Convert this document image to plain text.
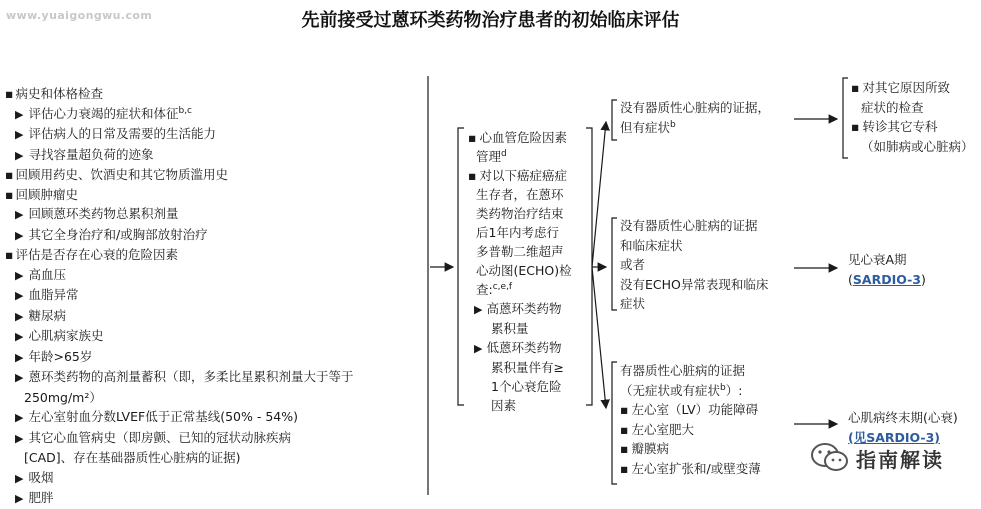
www.yuaigongwu.com	先前接受过蒽环类药物治疗患者的初始临床评估
▪ 病史和体格检查
▶ 评估心力衰竭的症状和体征$^{b,c}$
▶ 评估病人的日常及需要的生活能力
▶ 寻找容量超负荷的迹象
▪ 回顾用药史、饮酒史和其它物质滥用史
▪ 回顾肿瘤史
▶ 回顾蒽环类药物总累积剂量
▶ 其它全身治疗和/或胸部放射治疗
▪ 评估是否存在心衰的危险因素
▶ 高血压
▶ 血脂异常
▶ 糖尿病
▶ 心肌病家族史
▶ 年龄>65岁
▶ 蒽环类药物的高剂量蓄积（即，多柔比星累积剂量大于等于
250mg/m²）
▶ 左心室射血分数LVEF低于正常基线(50% - 54%)
▶ 其它心血管病史（即房颤、已知的冠状动脉疾病
[CAD]、存在基础器质性心脏病的证据)
▶ 吸烟
▶ 肥胖
▪ 心血管危险因素
管理$^d$
▪ 对以下癌症癌症
生存者，在蒽环
类药物治疗结束
后1年内考虑行
多普勒二维超声
心动图(ECHO)检
查:$^{c,e,f}$
▶ 高蒽环类药物
累积量
▶ 低蒽环类药物
累积量伴有≥
1个心衰危险
因素
没有器质性心脏病的证据，
但有症状$^b$
没有器质性心脏病的证据
和临床症状
或者
没有ECHO异常表现和临床
症状
有器质性心脏病的证据
（无症状或有症状$^b$）:
▪ 左心室（LV）功能障碍
▪ 左心室肥大
▪ 瓣膜病
▪ 左心室扩张和/或壁变薄
▪ 对其它原因所致
症状的检查
▪ 转诊其它专科
（如肺病或心脏病）
见心衰A期
(SARDIO-3)
心肌病终末期(心衰)
(见SARDIO-3)
指南解读
